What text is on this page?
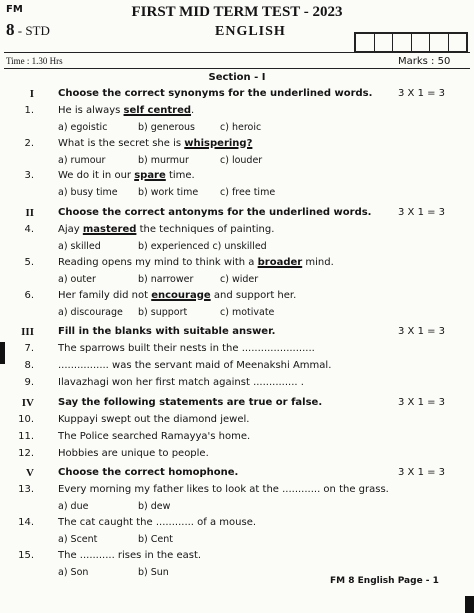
FM	FIRST MID TERM TEST - 2023
8 - STD	ENGLISH
Time : 1.30 Hrs	Marks : 50
Section - I
I Choose the correct synonyms for the underlined words.	3 X 1 = 3
1. He is always self centred.
a) egoistic	b) generous	c) heroic
2. What is the secret she is whispering?
a) rumour	b) murmur	c) louder
3. We do it in our spare time.
a) busy time b) work time c) free time
II Choose the correct antonyms for the underlined words.	3 X 1 = 3
4. Ajay mastered the techniques of painting.
a) skilled	b) experienced c) unskilled
5. Reading opens my mind to think with a broader mind.
a) outer	b) narrower	c) wider
6. Her family did not encourage and support her.
a) discourage b) support	c) motivate
III Fill in the blanks with suitable answer.	3 X 1 = 3
7. The sparrows built their nests in the .......................
8. ................ was the servant maid of Meenakshi Ammal.
9. Ilavazhagi won her first match against .............. .
IV Say the following statements are true or false.	3 X 1 = 3
10. Kuppayi swept out the diamond jewel.
11. The Police searched Ramayya's home.
12. Hobbies are unique to people.
V Choose the correct homophone.	3 X 1 = 3
13. Every morning my father likes to look at the ............ on the grass.
a) due	b) dew
14. The cat caught the ............ of a mouse.
a) Scent	b) Cent
15. The ........... rises in the east.
a) Son	b) Sun
FM 8 English Page - 1
